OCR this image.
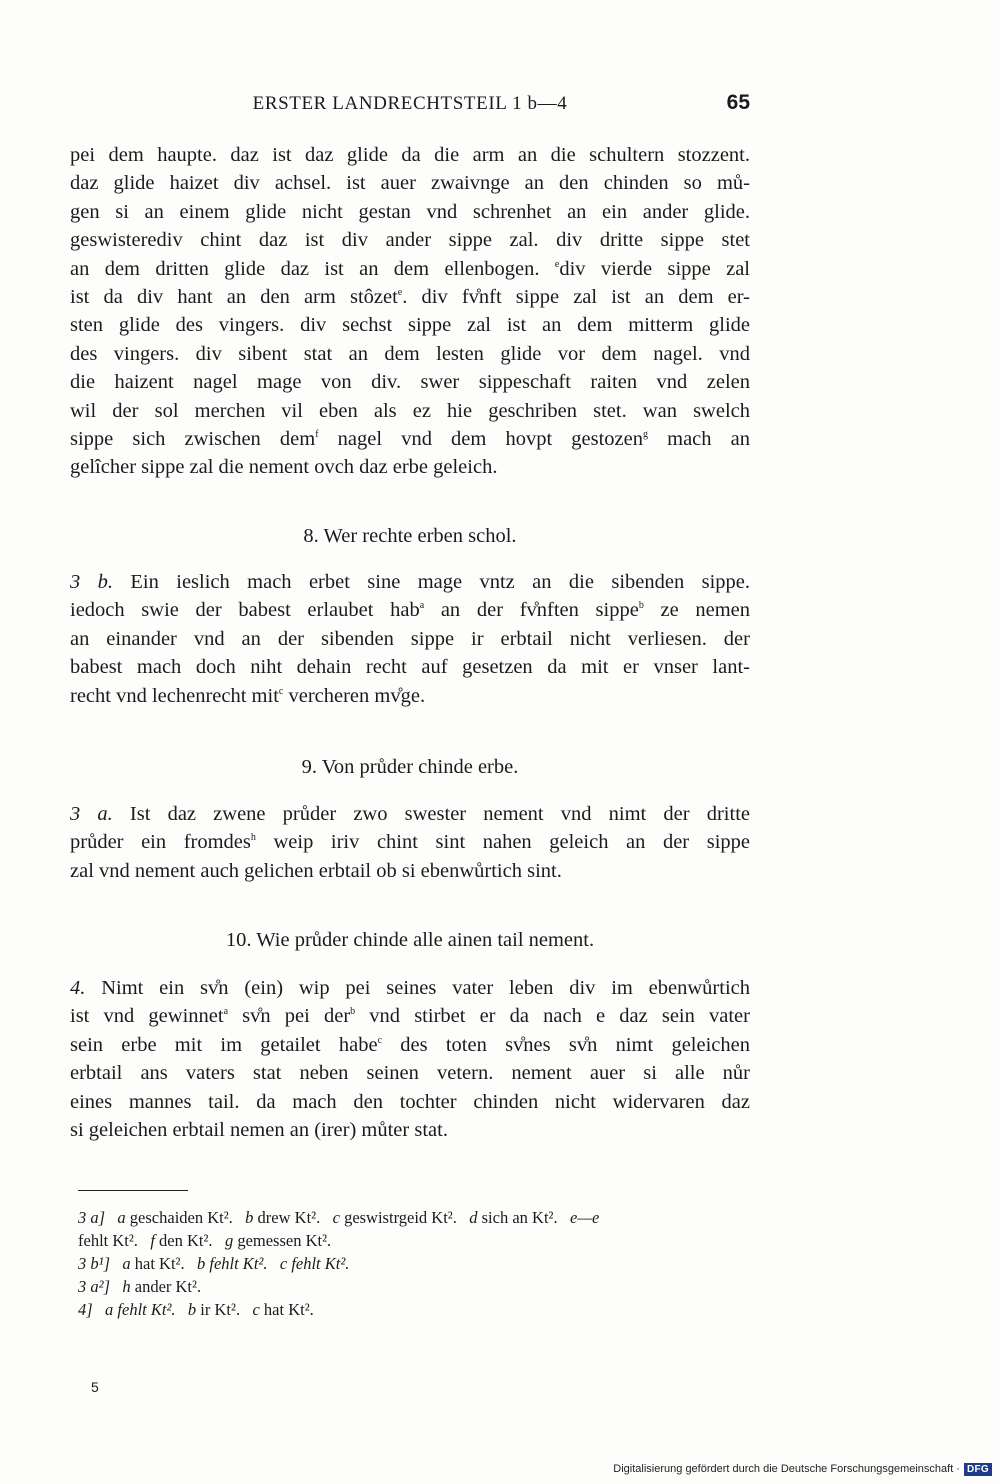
ERSTER LANDRECHTSTEIL 1 b—4	65

pei dem haupte. daz ist daz glide da die arm an die schultern stozzent.
daz glide haizet div achsel. ist auer zwaivnge an den chinden so mů-
gen si an einem glide nicht gestan vnd schrenhet an ein ander glide.
geswisterediv chint daz ist div ander sippe zal. div dritte sippe stet
an dem dritten glide daz ist an dem ellenbogen. $^e$div vierde sippe zal
ist da div hant an den arm stôzet$^e$. div fv̊nft sippe zal ist an dem er-
sten glide des vingers. div sechst sippe zal ist an dem mitterm glide
des vingers. div sibent stat an dem lesten glide vor dem nagel. vnd
die haizent nagel mage von div. swer sippeschaft raiten vnd zelen
wil der sol merchen vil eben als ez hie geschriben stet. wan swelch
sippe sich zwischen dem$^f$ nagel vnd dem hovpt gestozen$^g$ mach an
gelîcher sippe zal die nement ovch daz erbe geleich.

8. Wer rechte erben schol.

3 b. Ein ieslich mach erbet sine mage vntz an die sibenden sippe.
iedoch swie der babest erlaubet hab$^a$ an der fv̊nften sippe$^b$ ze nemen
an einander vnd an der sibenden sippe ir erbtail nicht verliesen. der
babest mach doch niht dehain recht auf gesetzen da mit er vnser lant-
recht vnd lechenrecht mit$^c$ vercheren mv̊ge.

9. Von průder chinde erbe.

3 a. Ist daz zwene průder zwo swester nement vnd nimt der dritte
průder ein fromdes$^h$ weip iriv chint sint nahen geleich an der sippe
zal vnd nement auch gelichen erbtail ob si ebenwůrtich sint.

10. Wie průder chinde alle ainen tail nement.

4. Nimt ein sv̊n (ein) wip pei seines vater leben div im ebenwůrtich
ist vnd gewinnet$^a$ sv̊n pei der$^b$ vnd stirbet er da nach e daz sein vater
sein erbe mit im getailet habe$^c$ des toten sv̊nes sv̊n nimt geleichen
erbtail ans vaters stat neben seinen vetern. nement auer si alle nůr
eines mannes tail. da mach den tochter chinden nicht widervaren daz
si geleichen erbtail nemen an (irer) můter stat.

3 a] a geschaiden Kt². b drew Kt². c geswistrgeid Kt². d sich an Kt². e—e
fehlt Kt². f den Kt². g gemessen Kt².
3 b¹] a hat Kt². b fehlt Kt². c fehlt Kt².
3 a²] h ander Kt².
4] a fehlt Kt². b ir Kt². c hat Kt².
5
Digitalisierung gefördert durch die Deutsche Forschungsgemeinschaft · DFG
